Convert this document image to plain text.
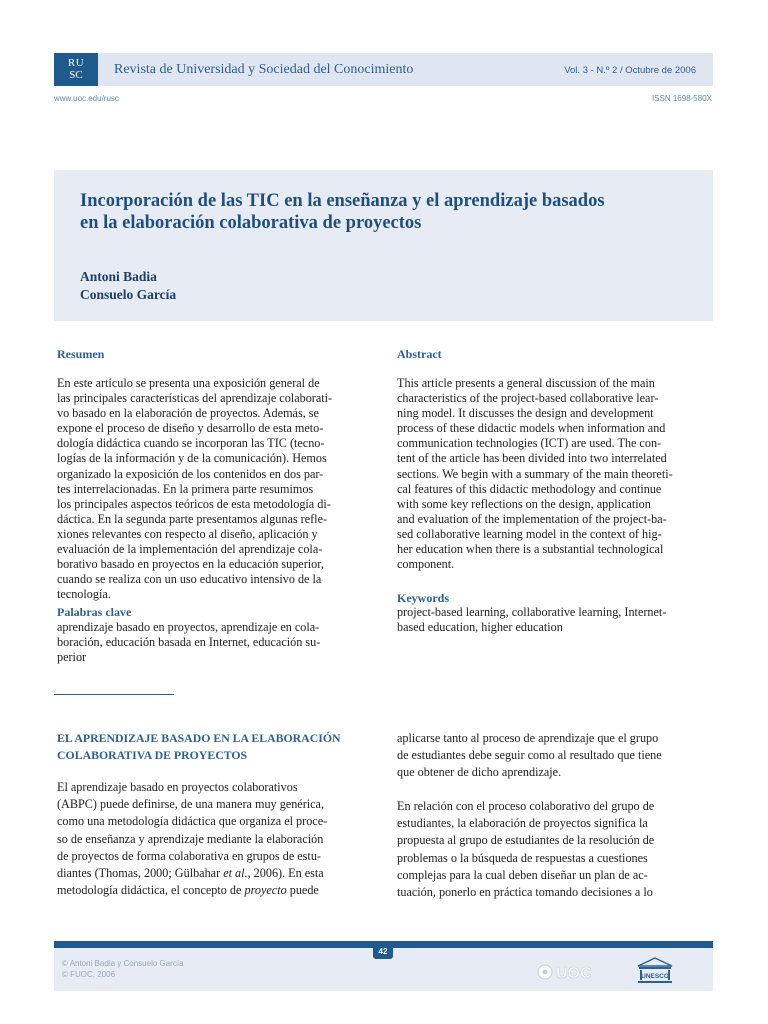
RU
SC	Revista de Universidad y Sociedad del Conocimiento	Vol. 3 - N.º 2 / Octubre de 2006
www.uoc.edu/rusc	ISSN 1698-580X
Incorporación de las TIC en la enseñanza y el aprendizaje basados
en la elaboración colaborativa de proyectos
Antoni Badia
Consuelo García
Resumen
En este artículo se presenta una exposición general de
las principales características del aprendizaje colaborati-
vo basado en la elaboración de proyectos. Además, se
expone el proceso de diseño y desarrollo de esta meto-
dología didáctica cuando se incorporan las TIC (tecno-
logías de la información y de la comunicación). Hemos
organizado la exposición de los contenidos en dos par-
tes interrelacionadas. En la primera parte resumimos
los principales aspectos teóricos de esta metodología di-
dáctica. En la segunda parte presentamos algunas refle-
xiones relevantes con respecto al diseño, aplicación y
evaluación de la implementación del aprendizaje cola-
borativo basado en proyectos en la educación superior,
cuando se realiza con un uso educativo intensivo de la
tecnología.
Palabras clave
aprendizaje basado en proyectos, aprendizaje en cola-
boración, educación basada en Internet, educación su-
perior
Abstract
This article presents a general discussion of the main
characteristics of the project-based collaborative lear-
ning model. It discusses the design and development
process of these didactic models when information and
communication technologies (ICT) are used. The con-
tent of the article has been divided into two interrelated
sections. We begin with a summary of the main theoreti-
cal features of this didactic methodology and continue
with some key reflections on the design, application
and evaluation of the implementation of the project-ba-
sed collaborative learning model in the context of hig-
her education when there is a substantial technological
component.
Keywords
project-based learning, collaborative learning, Internet-
based education, higher education
EL APRENDIZAJE BASADO EN LA ELABORACIÓN
COLABORATIVA DE PROYECTOS
El aprendizaje basado en proyectos colaborativos
(ABPC) puede definirse, de una manera muy genérica,
como una metodología didáctica que organiza el proce-
so de enseñanza y aprendizaje mediante la elaboración
de proyectos de forma colaborativa en grupos de estu-
diantes (Thomas, 2000; Gülbahar et al., 2006). En esta
metodología didáctica, el concepto de proyecto puede
aplicarse tanto al proceso de aprendizaje que el grupo
de estudiantes debe seguir como al resultado que tiene
que obtener de dicho aprendizaje.
En relación con el proceso colaborativo del grupo de
estudiantes, la elaboración de proyectos significa la
propuesta al grupo de estudiantes de la resolución de
problemas o la búsqueda de respuestas a cuestiones
complejas para la cual deben diseñar un plan de ac-
tuación, ponerlo en práctica tomando decisiones a lo
42
© Antoni Badia y Consuelo García
© FUOC, 2006	UOC	UNESCO
